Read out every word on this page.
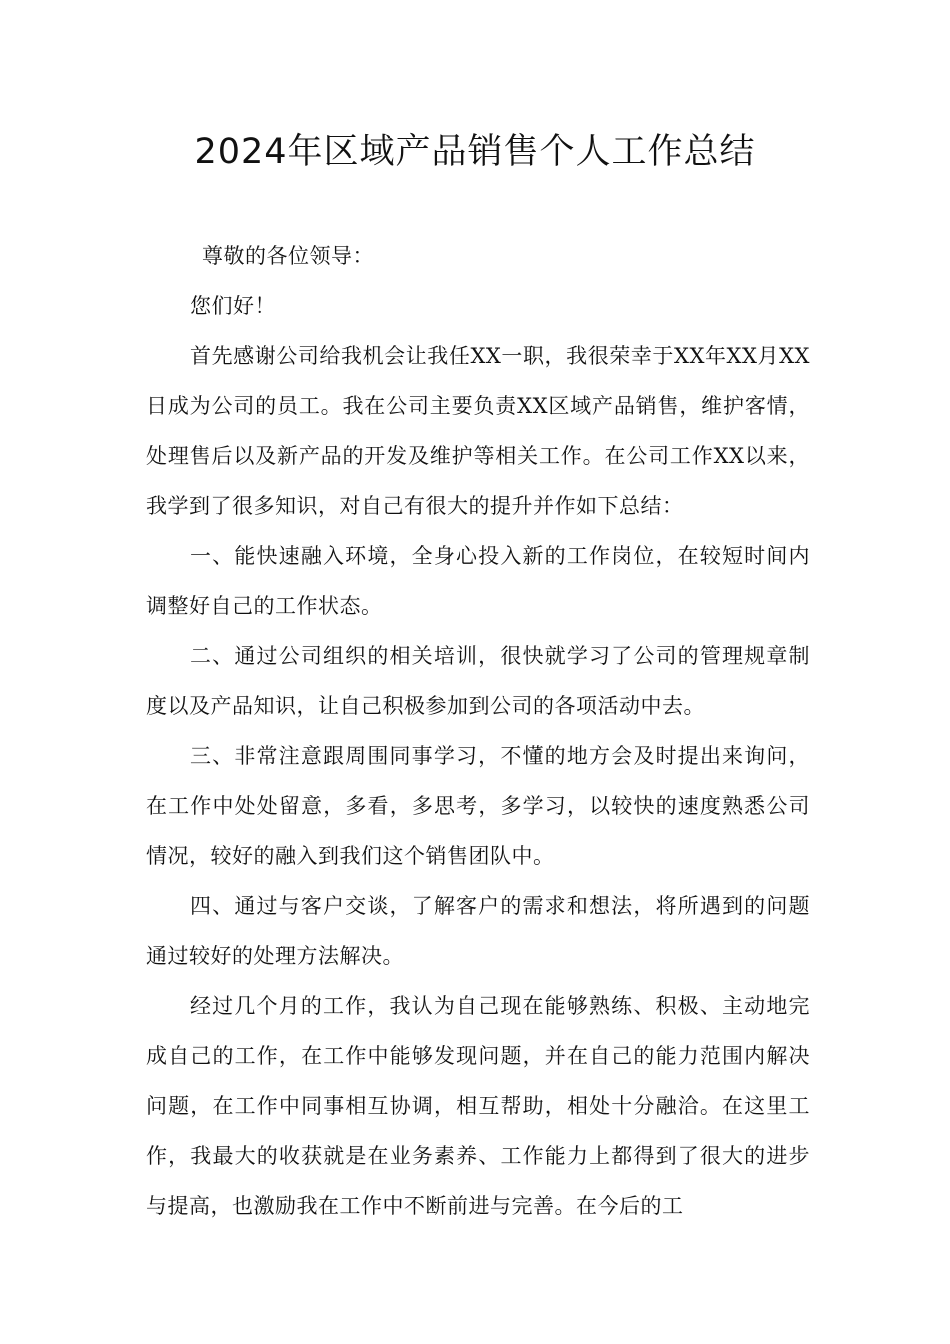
2024年区域产品销售个人工作总结

尊敬的各位领导：

您们好！

首先感谢公司给我机会让我任XX一职，我很荣幸于XX年XX月XX日成为公司的员工。我在公司主要负责XX区域产品销售，维护客情，处理售后以及新产品的开发及维护等相关工作。在公司工作XX以来，我学到了很多知识，对自己有很大的提升并作如下总结：

一、能快速融入环境，全身心投入新的工作岗位，在较短时间内调整好自己的工作状态。

二、通过公司组织的相关培训，很快就学习了公司的管理规章制度以及产品知识，让自己积极参加到公司的各项活动中去。

三、非常注意跟周围同事学习，不懂的地方会及时提出来询问，在工作中处处留意，多看，多思考，多学习，以较快的速度熟悉公司情况，较好的融入到我们这个销售团队中。

四、通过与客户交谈，了解客户的需求和想法，将所遇到的问题通过较好的处理方法解决。

经过几个月的工作，我认为自己现在能够熟练、积极、主动地完成自己的工作，在工作中能够发现问题，并在自己的能力范围内解决问题，在工作中同事相互协调，相互帮助，相处十分融洽。在这里工作，我最大的收获就是在业务素养、工作能力上都得到了很大的进步与提高，也激励我在工作中不断前进与完善。在今后的工
